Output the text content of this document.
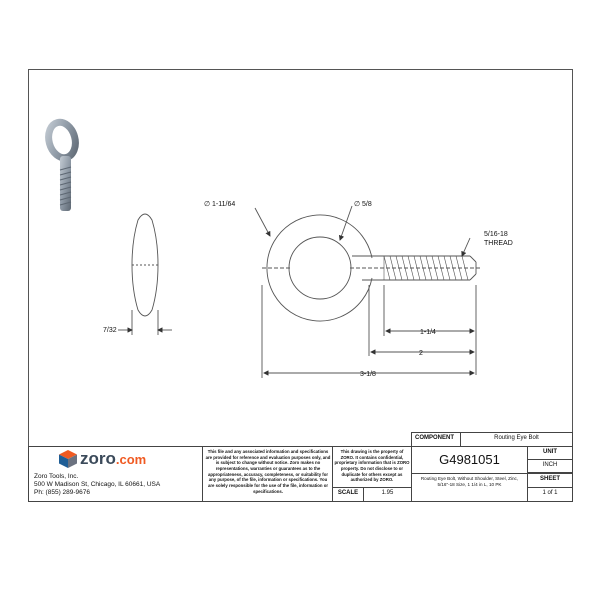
7/32
∅ 1-11/64	∅ 5/8
5/16-18
THREAD
1-1/4
2
3-1/8
zoro .com
Zoro Tools, Inc.
500 W Madison St, Chicago, IL 60661, USA
Ph: (855) 289-9676
This file and any associated information and specifications are provided for reference and evaluation purposes only, and is subject to change without notice. Zoro makes no representations, warranties or guarantees as to the appropriateness, accuracy, completeness, or suitability for any purpose, of the file, information or specifications. You are solely responsible for the use of the file, information or specifications.
This drawing is the property of ZORO. It contains confidential, proprietary information that is ZORO property. Do not disclose to or duplicate for others except as authorized by ZORO.
SCALE	1.95
COMPONENT	Routing Eye Bolt
G4981051
Routing Eye Bolt, Without Shoulder, Steel, Zinc, 5/16"-18 Size, 1 1/4 in L, 10 PK
UNIT
INCH
SHEET
1 of 1
